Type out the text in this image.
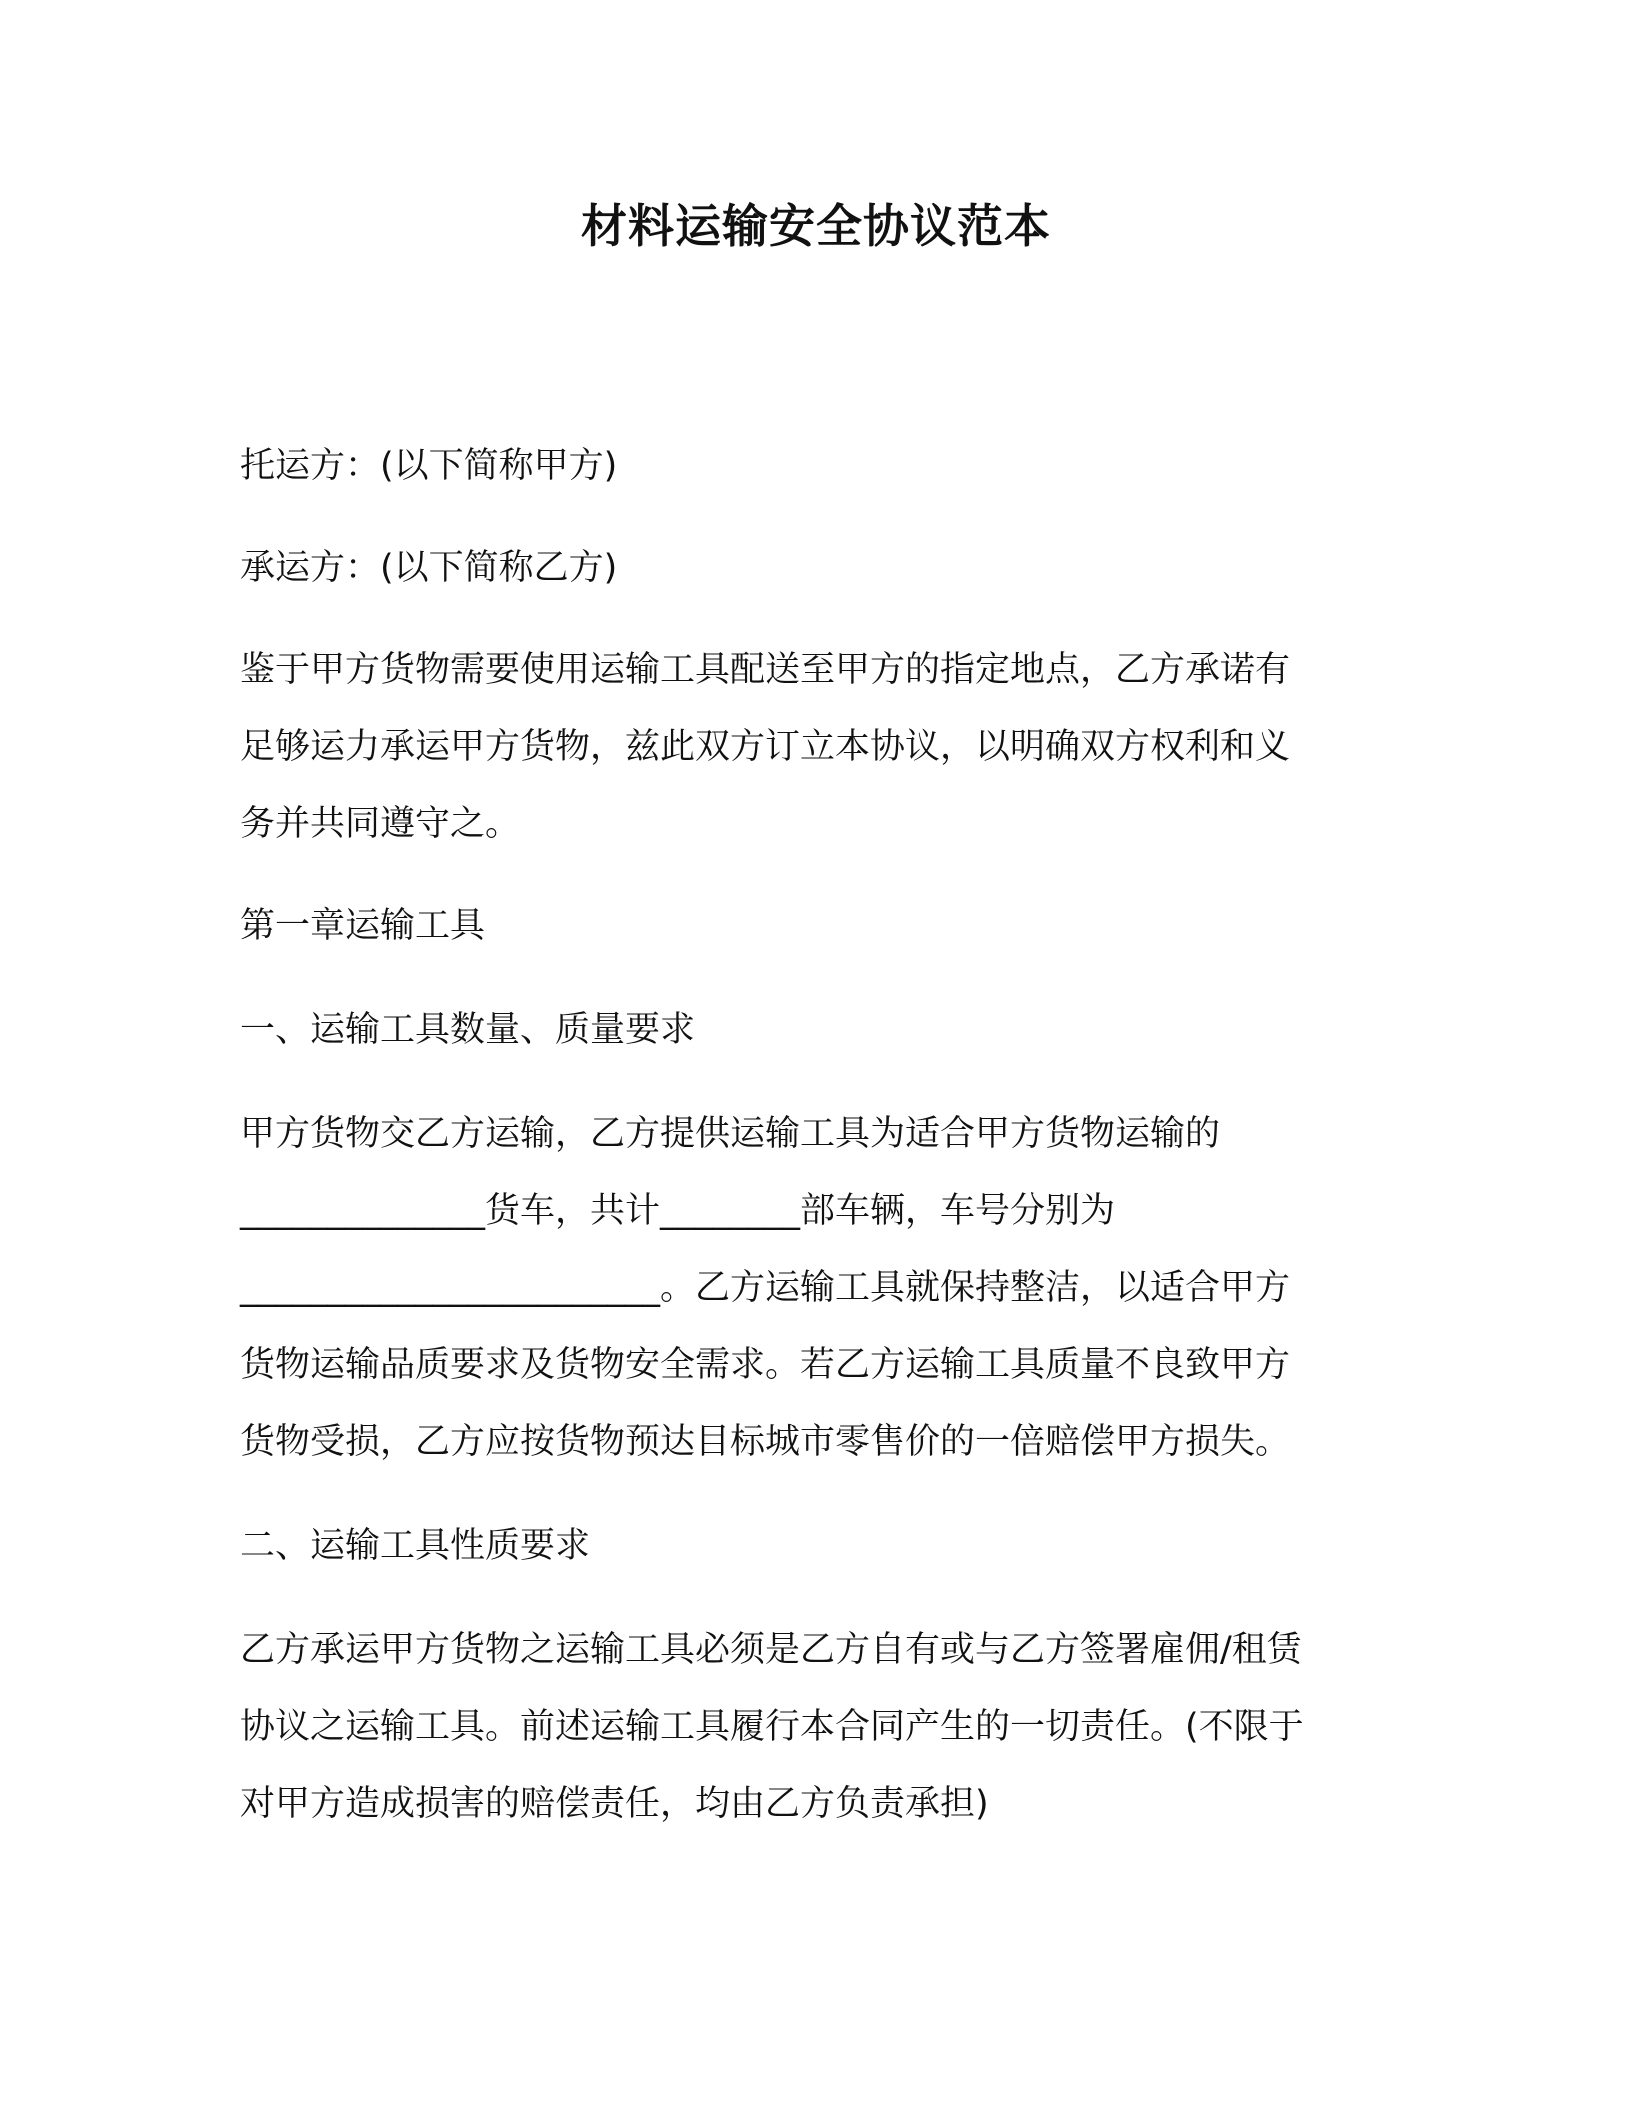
材料运输安全协议范本

托运方：(以下简称甲方)

承运方：(以下简称乙方)

鉴于甲方货物需要使用运输工具配送至甲方的指定地点，乙方承诺有
足够运力承运甲方货物，兹此双方订立本协议，以明确双方权利和义
务并共同遵守之。

第一章运输工具

一、运输工具数量、质量要求

甲方货物交乙方运输，乙方提供运输工具为适合甲方货物运输的
______________货车，共计________部车辆，车号分别为
________________________。乙方运输工具就保持整洁，以适合甲方
货物运输品质要求及货物安全需求。若乙方运输工具质量不良致甲方
货物受损，乙方应按货物预达目标城市零售价的一倍赔偿甲方损失。

二、运输工具性质要求

乙方承运甲方货物之运输工具必须是乙方自有或与乙方签署雇佣/租赁
协议之运输工具。前述运输工具履行本合同产生的一切责任。(不限于
对甲方造成损害的赔偿责任，均由乙方负责承担)
